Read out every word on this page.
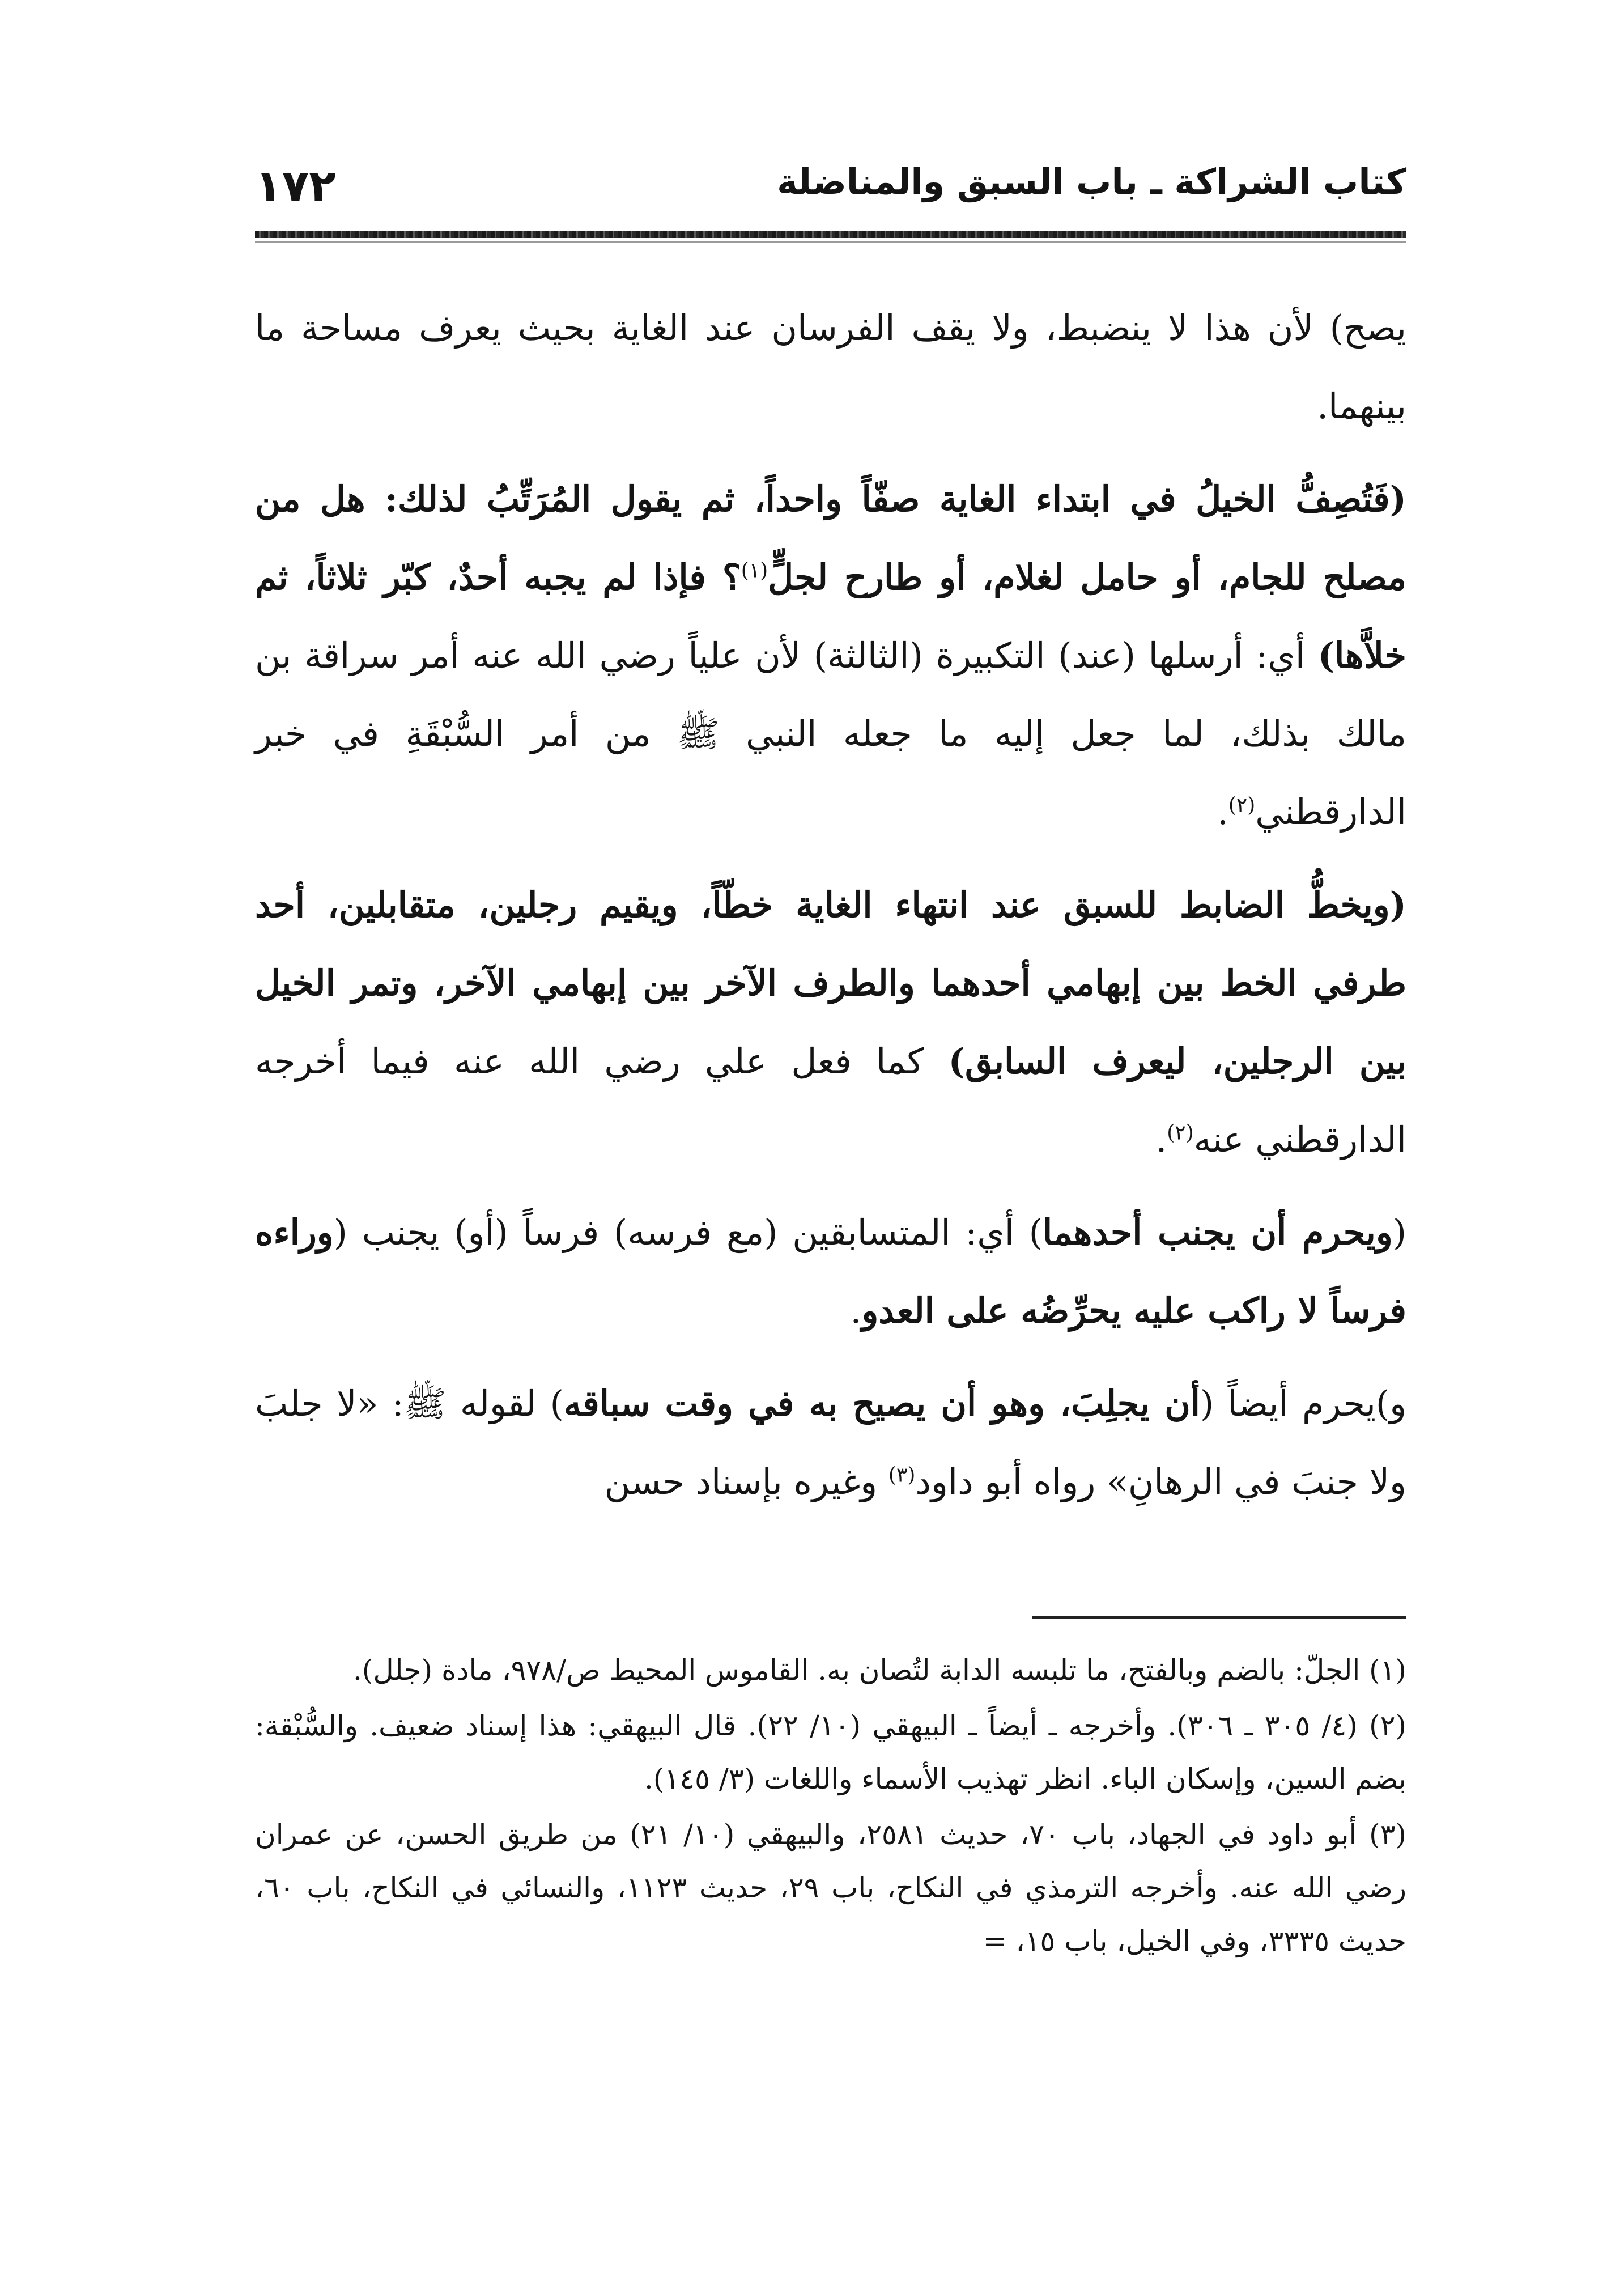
١٧٢	كتاب الشراكة ـ باب السبق والمناضلة

يصح) لأن هذا لا ينضبط، ولا يقف الفرسان عند الغاية بحيث يعرف مساحة ما بينهما.

(فَتُصِفُّ الخيلُ في ابتداء الغاية صفّاً واحداً، ثم يقول المُرَتِّبُ لذلك: هل من مصلح للجام، أو حامل لغلام، أو طارح لجلٍّ$^{(١)}$؟ فإذا لم يجبه أحدٌ، كبّر ثلاثاً، ثم خلاَّها) أي: أرسلها (عند) التكبيرة (الثالثة) لأن علياً رضي الله عنه أمر سراقة بن مالك بذلك، لما جعل إليه ما جعله النبي ﷺ من أمر السُّبْقَةِ في خبر الدارقطني$^{(٢)}$.

(ويخطُّ الضابط للسبق عند انتهاء الغاية خطّاً، ويقيم رجلين، متقابلين، أحد طرفي الخط بين إبهامي أحدهما والطرف الآخر بين إبهامي الآخر، وتمر الخيل بين الرجلين، ليعرف السابق) كما فعل علي رضي الله عنه فيما أخرجه الدارقطني عنه$^{(٢)}$.

(ويحرم أن يجنب أحدهما) أي: المتسابقين (مع فرسه) فرساً (أو) يجنب (وراءه فرساً لا راكب عليه يحرِّضُه على العدو.

و)يحرم أيضاً (أن يجلِبَ، وهو أن يصيح به في وقت سباقه) لقوله ﷺ: «لا جلبَ ولا جنبَ في الرهانِ» رواه أبو داود$^{(٣)}$ وغيره بإسناد حسن

(١) الجلّ: بالضم وبالفتح، ما تلبسه الدابة لتُصان به. القاموس المحيط ص/٩٧٨، مادة (جلل).

(٢) (٤/ ٣٠٥ ـ ٣٠٦). وأخرجه ـ أيضاً ـ البيهقي (١٠/ ٢٢). قال البيهقي: هذا إسناد ضعيف. والسُّبْقة: بضم السين، وإسكان الباء. انظر تهذيب الأسماء واللغات (٣/ ١٤٥).

(٣) أبو داود في الجهاد، باب ٧٠، حديث ٢٥٨١، والبيهقي (١٠/ ٢١) من طريق الحسن، عن عمران رضي الله عنه. وأخرجه الترمذي في النكاح، باب ٢٩، حديث ١١٢٣، والنسائي في النكاح، باب ٦٠، حديث ٣٣٣٥، وفي الخيل، باب ١٥، =
